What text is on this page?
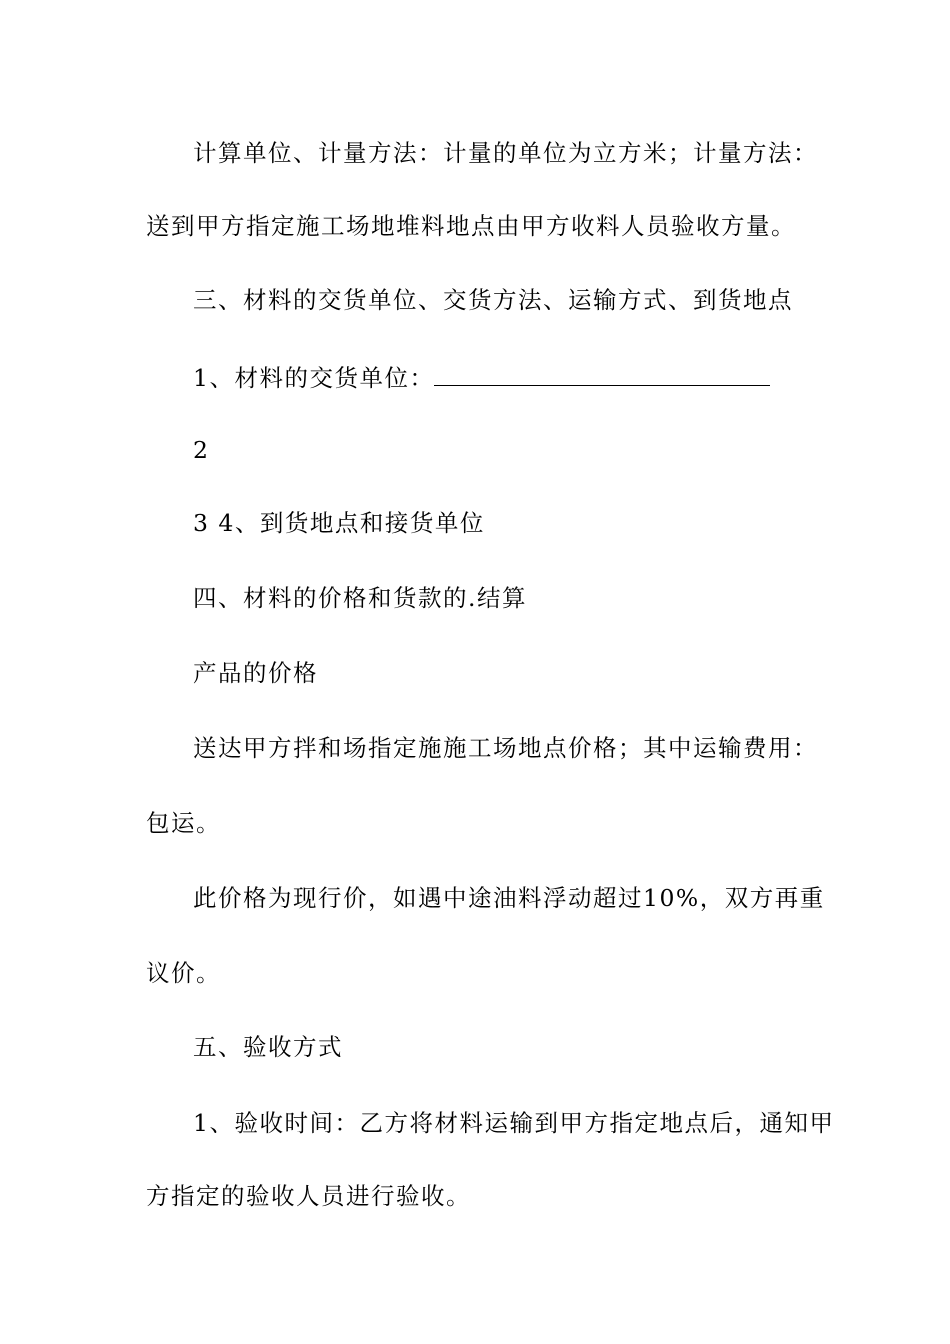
计算单位、计量方法：计量的单位为立方米；计量方法：
送到甲方指定施工场地堆料地点由甲方收料人员验收方量。
三、材料的交货单位、交货方法、运输方式、到货地点
1、材料的交货单位：
2
3 4、到货地点和接货单位
四、材料的价格和货款的.结算
产品的价格
送达甲方拌和场指定施施工场地点价格；其中运输费用：
包运。
此价格为现行价，如遇中途油料浮动超过10%，双方再重
议价。
五、验收方式
1、验收时间：乙方将材料运输到甲方指定地点后，通知甲
方指定的验收人员进行验收。
